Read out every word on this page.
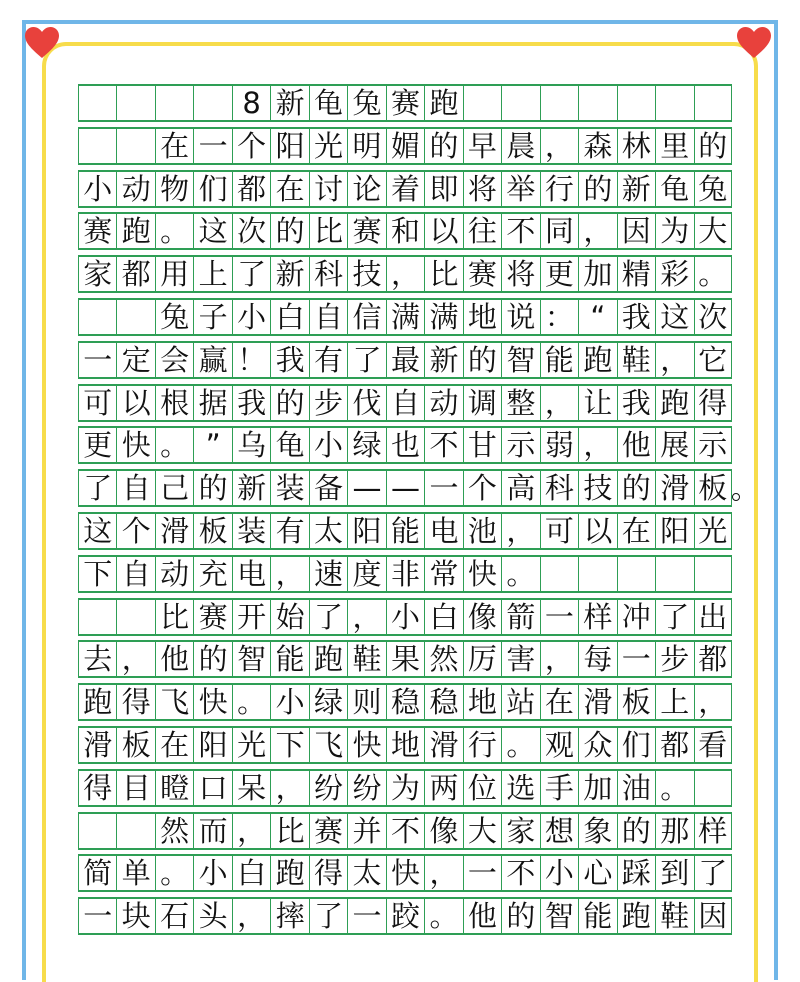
8 新 龟 兔 赛 跑
在 一 个 阳 光 明 媚 的 早 晨 ， 森 林 里 的
小 动 物 们 都 在 讨 论 着 即 将 举 行 的 新 龟 兔
赛 跑 。 这 次 的 比 赛 和 以 往 不 同 ， 因 为 大
家 都 用 上 了 新 科 技 ， 比 赛 将 更 加 精 彩 。
兔 子 小 白 自 信 满 满 地 说 ： “ 我 这 次
一 定 会 赢 ！ 我 有 了 最 新 的 智 能 跑 鞋 ， 它
可 以 根 据 我 的 步 伐 自 动 调 整 ， 让 我 跑 得
更 快 。 ” 乌 龟 小 绿 也 不 甘 示 弱 ， 他 展 示
了 自 己 的 新 装 备 — — 一 个 高 科 技 的 滑 板
这 个 滑 板 装 有 太 阳 能 电 池 ， 可 以 在 阳 光
下 自 动 充 电 ， 速 度 非 常 快 。
比 赛 开 始 了 ， 小 白 像 箭 一 样 冲 了 出
去 ， 他 的 智 能 跑 鞋 果 然 厉 害 ， 每 一 步 都
跑 得 飞 快 。 小 绿 则 稳 稳 地 站 在 滑 板 上 ，
滑 板 在 阳 光 下 飞 快 地 滑 行 。 观 众 们 都 看
得 目 瞪 口 呆 ， 纷 纷 为 两 位 选 手 加 油 。
然 而 ， 比 赛 并 不 像 大 家 想 象 的 那 样
简 单 。 小 白 跑 得 太 快 ， 一 不 小 心 踩 到 了
一 块 石 头 ， 摔 了 一 跤 。 他 的 智 能 跑 鞋 因
